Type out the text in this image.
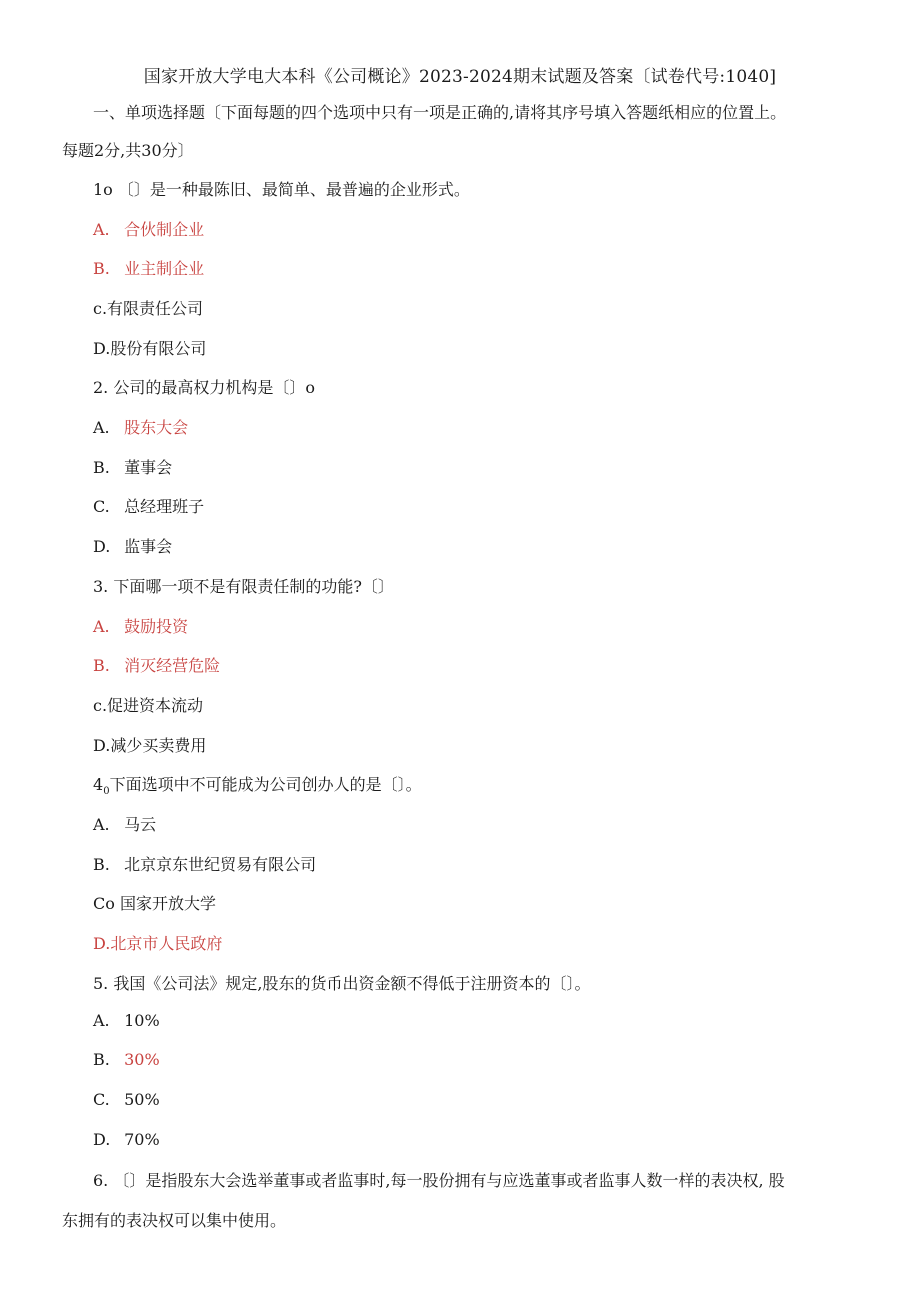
国家开放大学电大本科《公司概论》2023-2024期末试题及答案〔试卷代号:1040]
一、单项选择题〔下面每题的四个选项中只有一项是正确的,请将其序号填入答题纸相应的位置上。
每题2分,共30分〕
1o 〔〕是一种最陈旧、最简单、最普遍的企业形式。
A. 合伙制企业
B. 业主制企业
c.有限责任公司
D.股份有限公司
2. 公司的最高权力机构是〔〕o
A. 股东大会
B. 董事会
C. 总经理班子
D. 监事会
3. 下面哪一项不是有限责任制的功能?〔〕
A. 鼓励投资
B. 消灭经营危险
c.促进资本流动
D.减少买卖费用
$4_0$下面选项中不可能成为公司创办人的是〔〕。
A. 马云
B. 北京京东世纪贸易有限公司
Co 国家开放大学
D.北京市人民政府
5. 我国《公司法》规定,股东的货币出资金额不得低于注册资本的〔〕。
A. 10%
B. 30%
C. 50%
D. 70%
6. 〔〕是指股东大会选举董事或者监事时,每一股份拥有与应选董事或者监事人数一样的表决权, 股
东拥有的表决权可以集中使用。
